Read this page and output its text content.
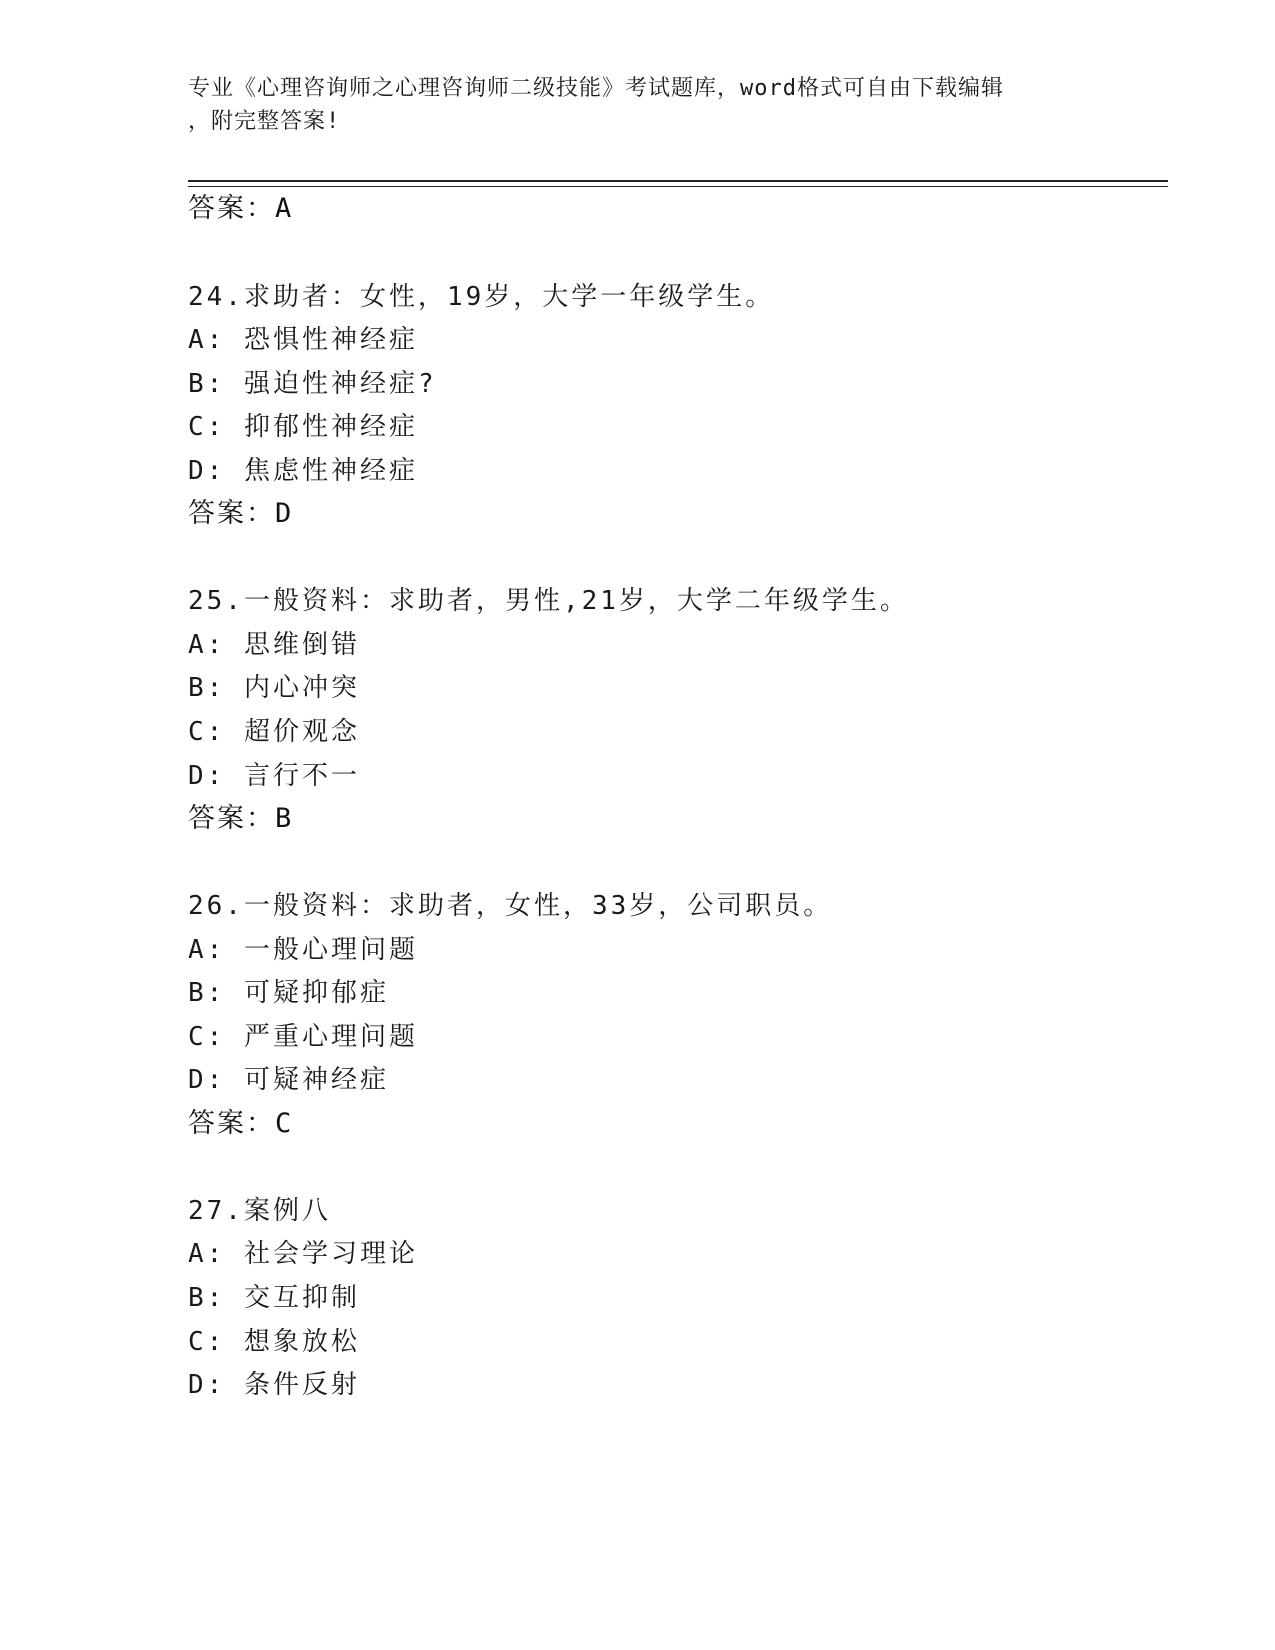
专业《心理咨询师之心理咨询师二级技能》考试题库，word格式可自由下载编辑
，附完整答案!
答案：A
24.求助者：女性，19岁，大学一年级学生。
A: 恐惧性神经症
B: 强迫性神经症?
C: 抑郁性神经症
D: 焦虑性神经症
答案：D
25.一般资料：求助者，男性,21岁，大学二年级学生。
A: 思维倒错
B: 内心冲突
C: 超价观念
D: 言行不一
答案：B
26.一般资料：求助者，女性，33岁，公司职员。
A: 一般心理问题
B: 可疑抑郁症
C: 严重心理问题
D: 可疑神经症
答案：C
27.案例八
A: 社会学习理论
B: 交互抑制
C: 想象放松
D: 条件反射
